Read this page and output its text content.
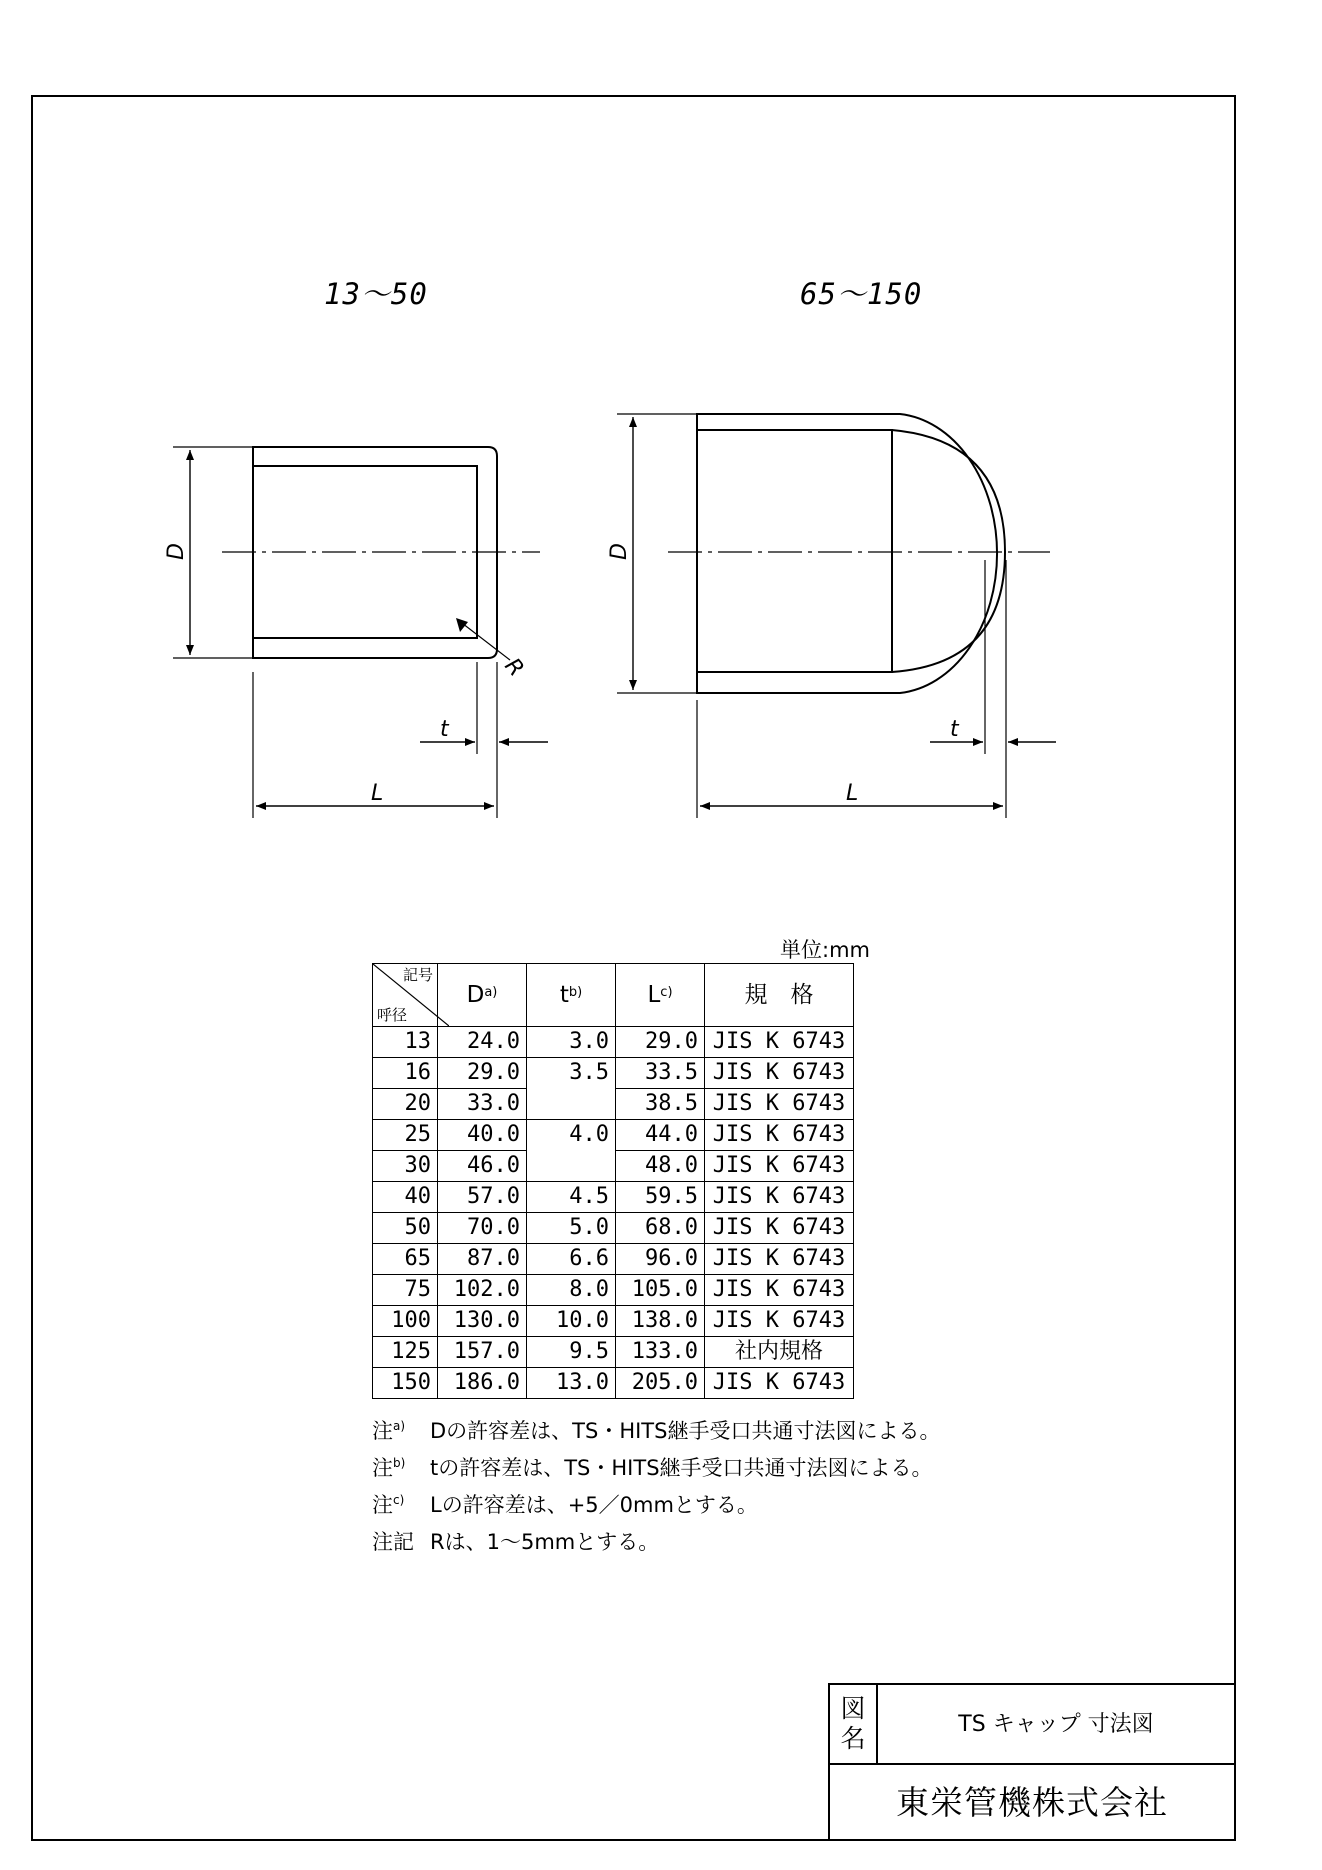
D
t
L
R
D
t
L
13～50	65～150
単位:mm
記号
呼径	$D^{a)}$	$t^{b)}$	$L^{c)}$	規　格
13	24.0	3.0	29.0	JIS K 6743
16	29.0	3.5	33.5	JIS K 6743
20	33.0		38.5	JIS K 6743
25	40.0	4.0	44.0	JIS K 6743
30	46.0		48.0	JIS K 6743
40	57.0	4.5	59.5	JIS K 6743
50	70.0	5.0	68.0	JIS K 6743
65	87.0	6.6	96.0	JIS K 6743
75	102.0	8.0	105.0	JIS K 6743
100	130.0	10.0	138.0	JIS K 6743
125	157.0	9.5	133.0	社内規格
150	186.0	13.0	205.0	JIS K 6743
注$^{a)}$ Dの許容差は、TS・HITS継手受口共通寸法図による。
注$^{b)}$ tの許容差は、TS・HITS継手受口共通寸法図による。
注$^{c)}$ Lの許容差は、+5／0mmとする。
注記 Rは、1～5mmとする。
図
名	TS キャップ 寸法図
東栄管機株式会社
